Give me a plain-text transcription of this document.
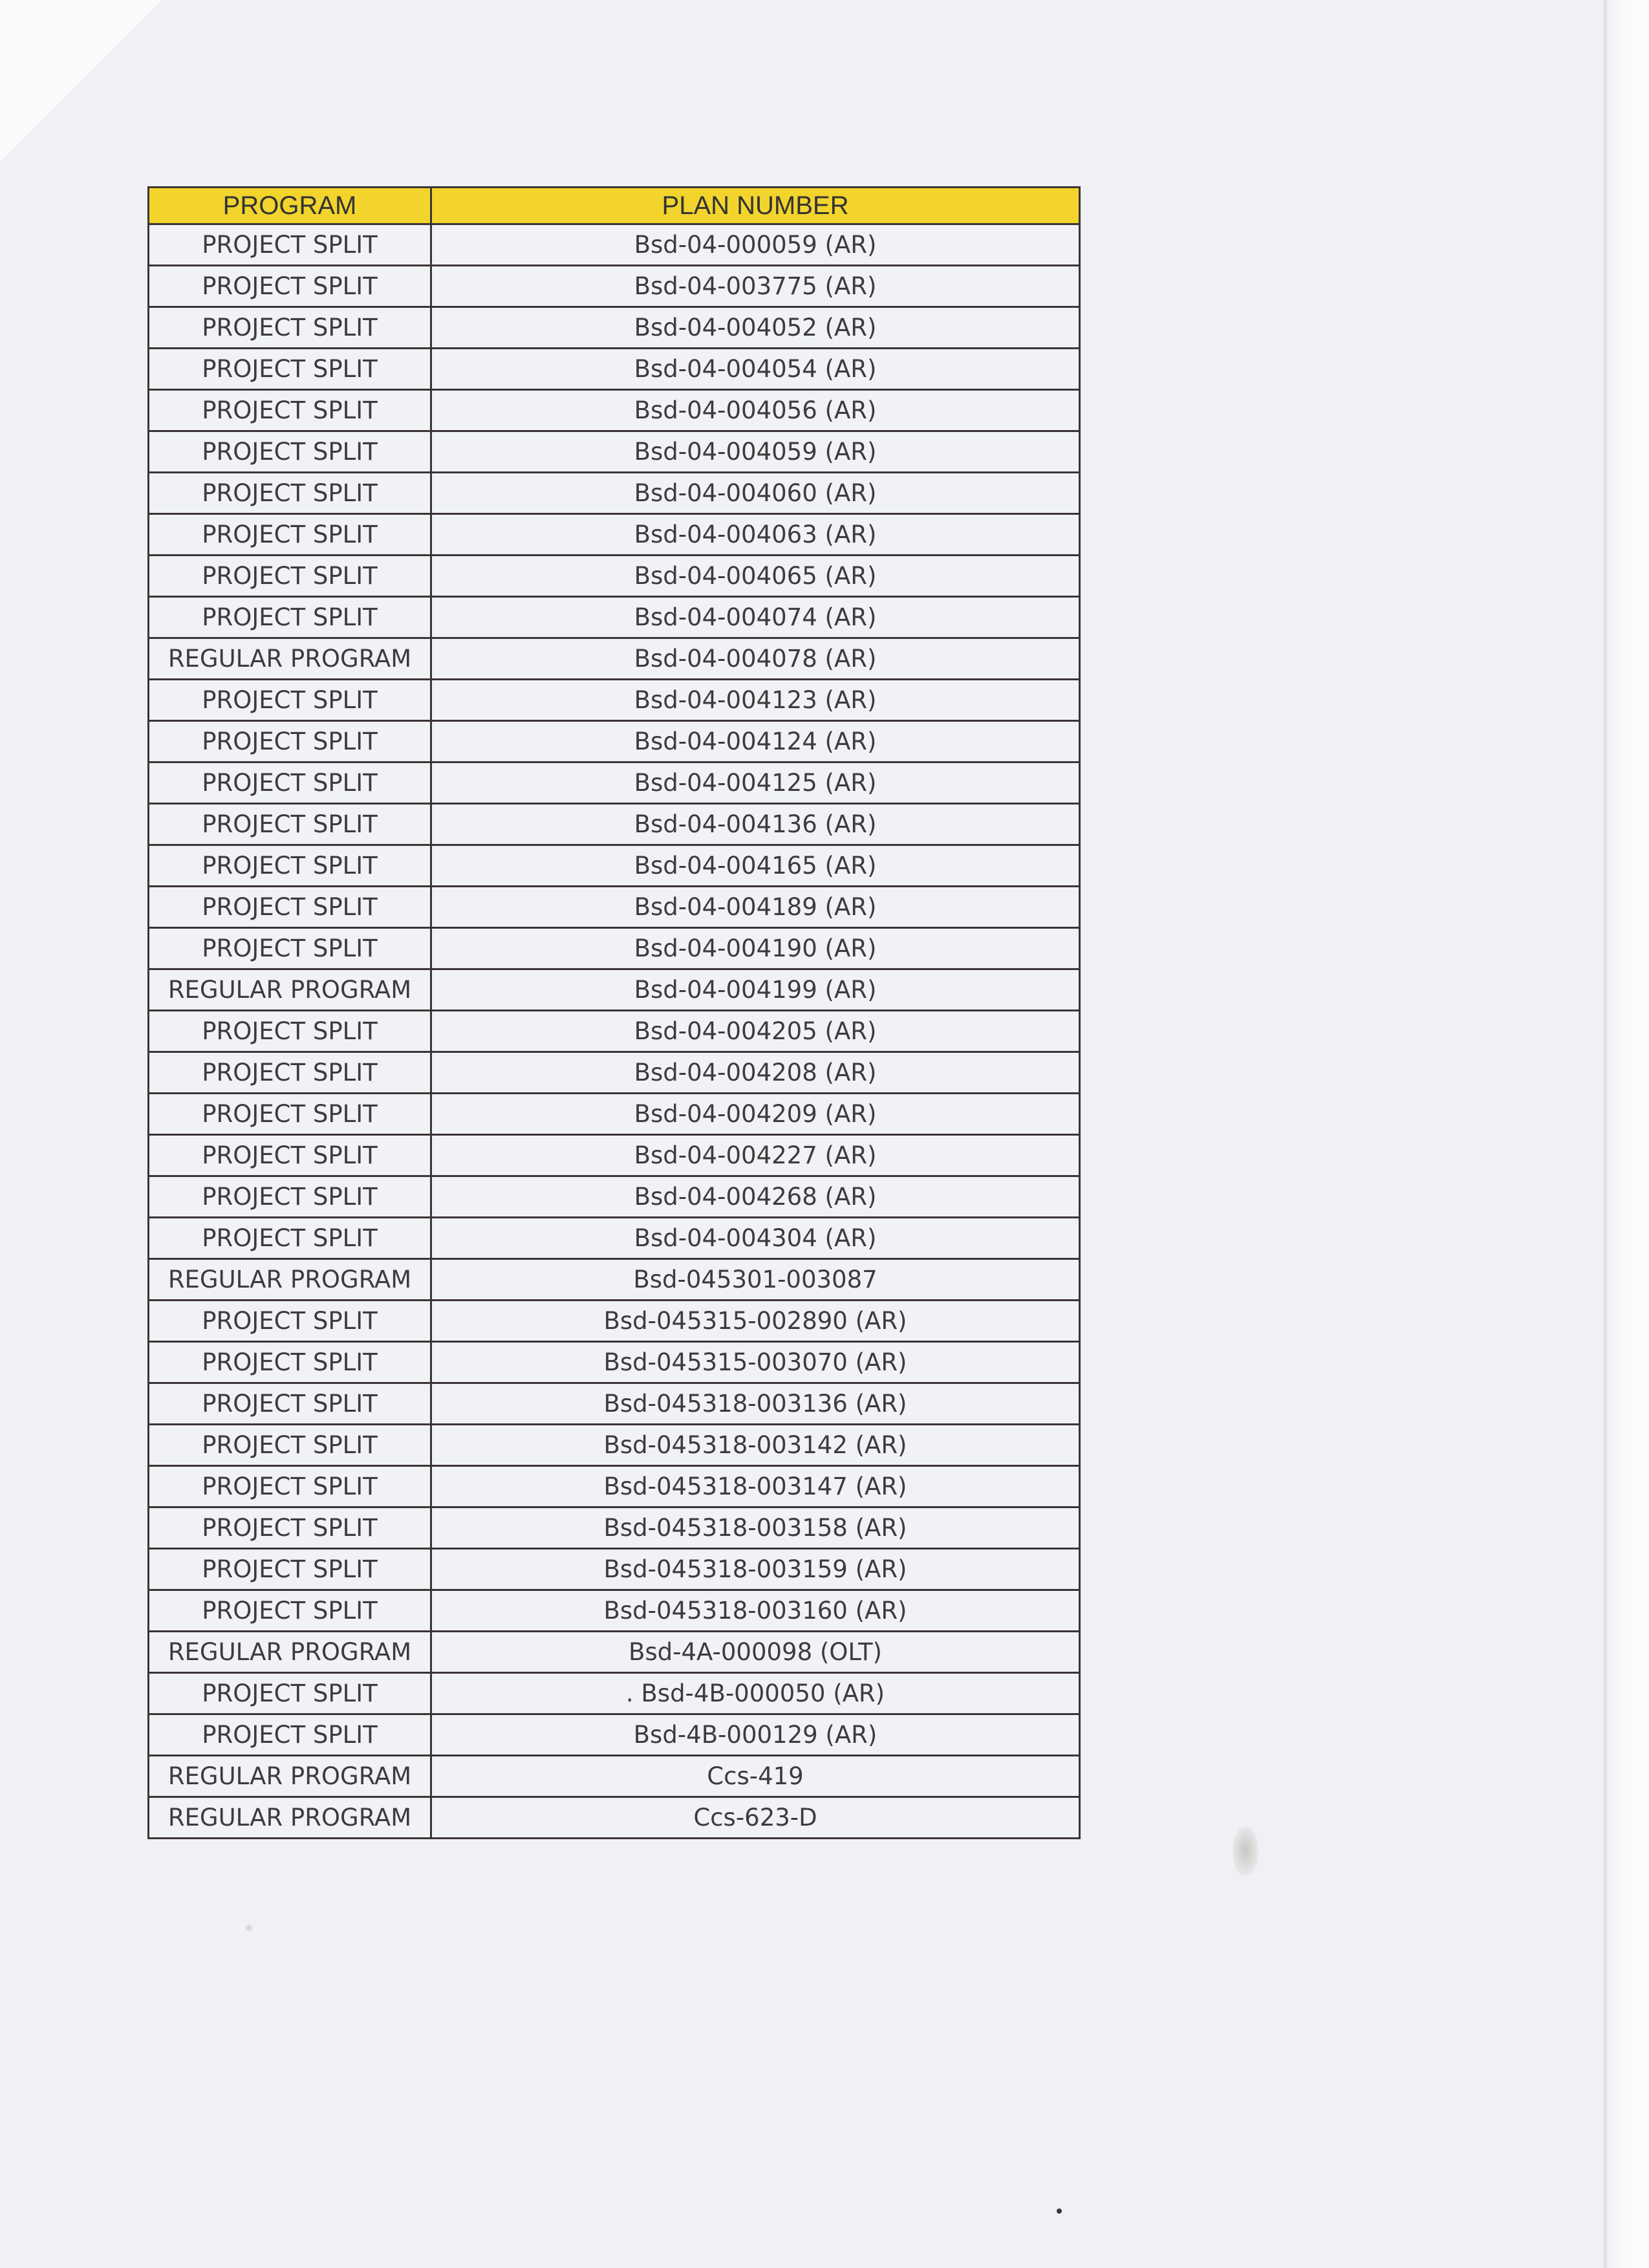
PROGRAM	PLAN NUMBER
PROJECT SPLIT	Bsd-04-000059 (AR)
PROJECT SPLIT	Bsd-04-003775 (AR)
PROJECT SPLIT	Bsd-04-004052 (AR)
PROJECT SPLIT	Bsd-04-004054 (AR)
PROJECT SPLIT	Bsd-04-004056 (AR)
PROJECT SPLIT	Bsd-04-004059 (AR)
PROJECT SPLIT	Bsd-04-004060 (AR)
PROJECT SPLIT	Bsd-04-004063 (AR)
PROJECT SPLIT	Bsd-04-004065 (AR)
PROJECT SPLIT	Bsd-04-004074 (AR)
REGULAR PROGRAM	Bsd-04-004078 (AR)
PROJECT SPLIT	Bsd-04-004123 (AR)
PROJECT SPLIT	Bsd-04-004124 (AR)
PROJECT SPLIT	Bsd-04-004125 (AR)
PROJECT SPLIT	Bsd-04-004136 (AR)
PROJECT SPLIT	Bsd-04-004165 (AR)
PROJECT SPLIT	Bsd-04-004189 (AR)
PROJECT SPLIT	Bsd-04-004190 (AR)
REGULAR PROGRAM	Bsd-04-004199 (AR)
PROJECT SPLIT	Bsd-04-004205 (AR)
PROJECT SPLIT	Bsd-04-004208 (AR)
PROJECT SPLIT	Bsd-04-004209 (AR)
PROJECT SPLIT	Bsd-04-004227 (AR)
PROJECT SPLIT	Bsd-04-004268 (AR)
PROJECT SPLIT	Bsd-04-004304 (AR)
REGULAR PROGRAM	Bsd-045301-003087
PROJECT SPLIT	Bsd-045315-002890 (AR)
PROJECT SPLIT	Bsd-045315-003070 (AR)
PROJECT SPLIT	Bsd-045318-003136 (AR)
PROJECT SPLIT	Bsd-045318-003142 (AR)
PROJECT SPLIT	Bsd-045318-003147 (AR)
PROJECT SPLIT	Bsd-045318-003158 (AR)
PROJECT SPLIT	Bsd-045318-003159 (AR)
PROJECT SPLIT	Bsd-045318-003160 (AR)
REGULAR PROGRAM	Bsd-4A-000098 (OLT)
PROJECT SPLIT	. Bsd-4B-000050 (AR)
PROJECT SPLIT	Bsd-4B-000129 (AR)
REGULAR PROGRAM	Ccs-419
REGULAR PROGRAM	Ccs-623-D
